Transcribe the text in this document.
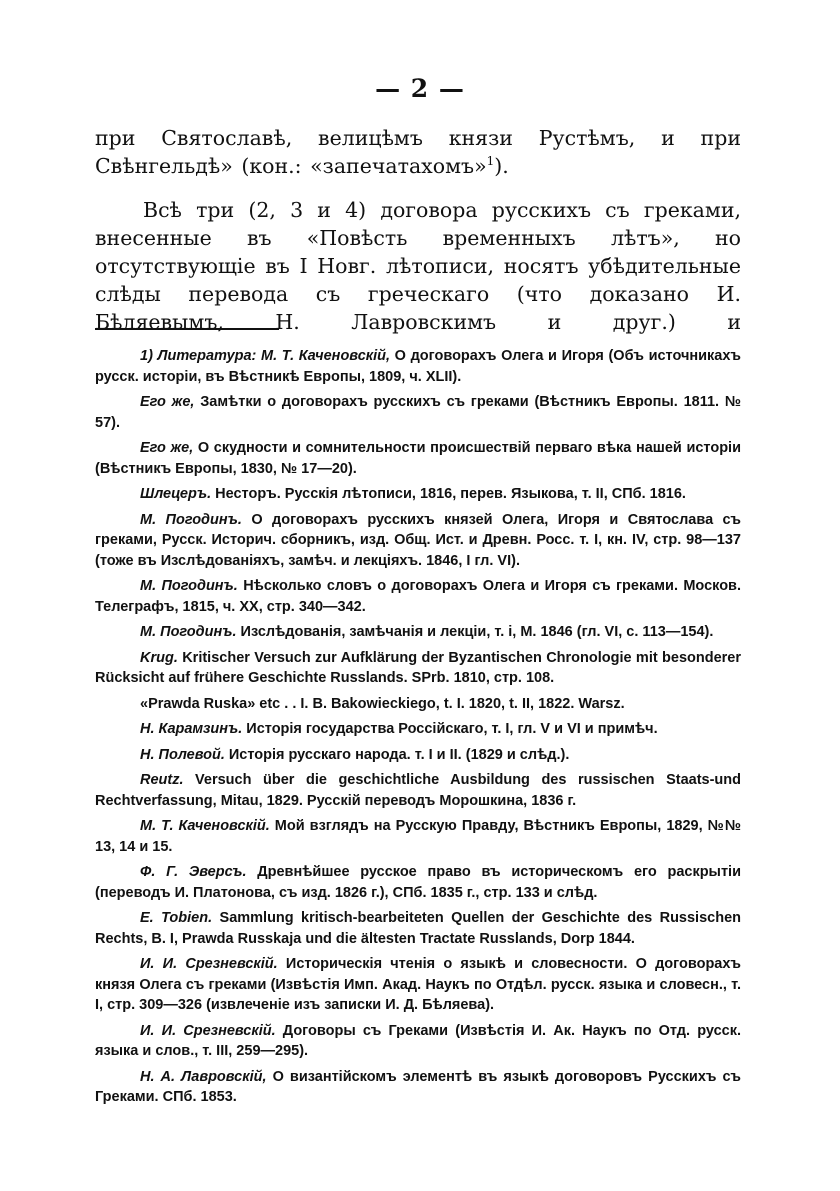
— 2 —

при Святославѣ, велицѣмъ князи Рустѣмъ, и при Свѣнгельдѣ» (кон.: «запечатахомъ»$^1$).

Всѣ три (2, 3 и 4) договора русскихъ съ греками, внесенные въ «Повѣсть временныхъ лѣтъ», но отсутствующіе въ I Новг. лѣтописи, носятъ убѣдительные слѣды перевода съ греческаго (что доказано И. Бѣляевымъ, Н. Лавровскимъ и друг.) и

1) Литература: М. Т. Каченовскій, О договорахъ Олега и Игоря (Объ источникахъ русск. исторіи, въ Вѣстникѣ Европы, 1809, ч. XLII).

Его же, Замѣтки о договорахъ русскихъ съ греками (Вѣстникъ Европы. 1811. № 57).

Его же, О скудности и сомнительности происшествій перваго вѣка нашей исторіи (Вѣстникъ Европы, 1830, № 17—20).

Шлецеръ. Несторъ. Русскія лѣтописи, 1816, перев. Языкова, т. II, СПб. 1816.

М. Погодинъ. О договорахъ русскихъ князей Олега, Игоря и Святослава съ греками, Русск. Историч. сборникъ, изд. Общ. Ист. и Древн. Росс. т. I, кн. IV, стр. 98—137 (тоже въ Изслѣдованіяхъ, замѣч. и лекціяхъ. 1846, I гл. VI).

М. Погодинъ. Нѣсколько словъ о договорахъ Олега и Игоря съ греками. Москов. Телеграфъ, 1815, ч. XX, стр. 340—342.

М. Погодинъ. Изслѣдованія, замѣчанія и лекціи, т. і, М. 1846 (гл. VI, с. 113—154).

Krug. Kritischer Versuch zur Aufklärung der Byzantischen Chronologie mit besonderer Rücksicht auf frühere Geschichte Russlands. SPrb. 1810, стр. 108.

«Prawda Ruska» etc . . I. B. Bakowieckiego, t. I. 1820, t. II, 1822. Warsz.

Н. Карамзинъ. Исторія государства Россійскаго, т. I, гл. V и VI и примѣч.

Н. Полевой. Исторія русскаго народа. т. I и II. (1829 и слѣд.).

Reutz. Versuch über die geschichtliche Ausbildung des russischen Staats-und Rechtverfassung, Mitau, 1829. Русскій переводъ Морошкина, 1836 г.

М. Т. Каченовскій. Мой взглядъ на Русскую Правду, Вѣстникъ Европы, 1829, №№ 13, 14 и 15.

Ф. Г. Эверсъ. Древнѣйшее русское право въ историческомъ его раскрытіи (переводъ И. Платонова, съ изд. 1826 г.), СПб. 1835 г., стр. 133 и слѣд.

E. Tobien. Sammlung kritisch-bearbeiteten Quellen der Geschichte des Russischen Rechts, B. I, Prawda Russkaja und die ältesten Tractate Russlands, Dorp 1844.

И. И. Срезневскій. Историческія чтенія о языкѣ и словесности. О договорахъ князя Олега съ греками (Извѣстія Имп. Акад. Наукъ по Отдѣл. русск. языка и словесн., т. I, стр. 309—326 (извлеченіе изъ записки И. Д. Бѣляева).

И. И. Срезневскій. Договоры съ Греками (Извѣстія И. Ак. Наукъ по Отд. русск. языка и слов., т. III, 259—295).

Н. А. Лавровскій, О византійскомъ элементѣ въ языкѣ договоровъ Русскихъ съ Греками. СПб. 1853.
